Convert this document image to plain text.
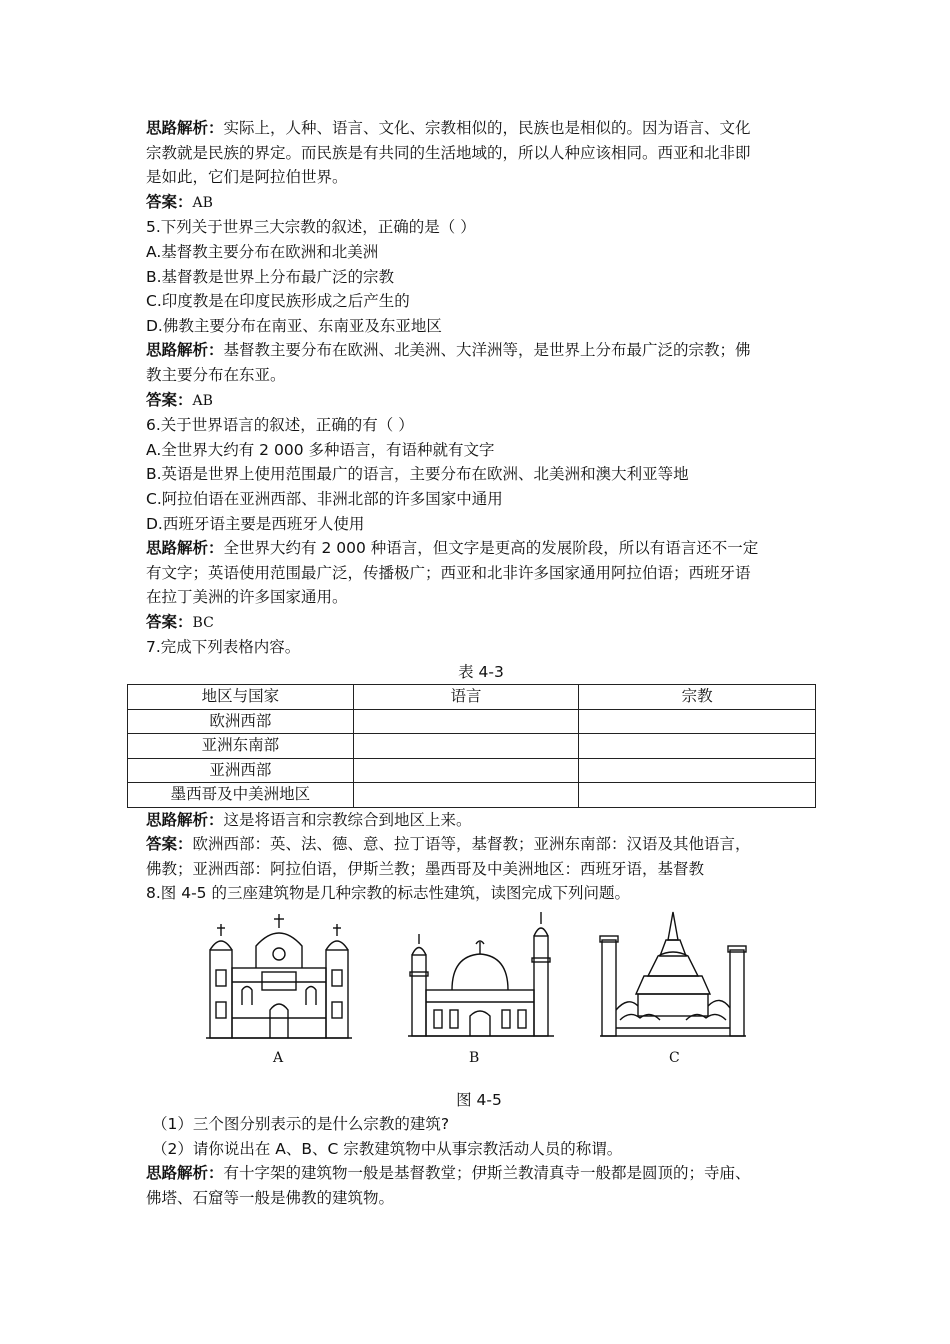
思路解析：实际上，人种、语言、文化、宗教相似的，民族也是相似的。因为语言、文化

宗教就是民族的界定。而民族是有共同的生活地域的，所以人种应该相同。西亚和北非即

是如此，它们是阿拉伯世界。

答案：AB

5.下列关于世界三大宗教的叙述，正确的是（ ）

A.基督教主要分布在欧洲和北美洲

B.基督教是世界上分布最广泛的宗教

C.印度教是在印度民族形成之后产生的

D.佛教主要分布在南亚、东南亚及东亚地区

思路解析：基督教主要分布在欧洲、北美洲、大洋洲等，是世界上分布最广泛的宗教；佛

教主要分布在东亚。

答案：AB

6.关于世界语言的叙述，正确的有（ ）

A.全世界大约有 2 000 多种语言，有语种就有文字

B.英语是世界上使用范围最广的语言，主要分布在欧洲、北美洲和澳大利亚等地

C.阿拉伯语在亚洲西部、非洲北部的许多国家中通用

D.西班牙语主要是西班牙人使用

思路解析：全世界大约有 2 000 种语言，但文字是更高的发展阶段，所以有语言还不一定

有文字；英语使用范围最广泛，传播极广；西亚和北非许多国家通用阿拉伯语；西班牙语

在拉丁美洲的许多国家通用。

答案：BC

7.完成下列表格内容。

表 4-3

地区与国家	语言	宗教
欧洲西部		
亚洲东南部		
亚洲西部		
墨西哥及中美洲地区		

思路解析：这是将语言和宗教综合到地区上来。

答案：欧洲西部：英、法、德、意、拉丁语等，基督教；亚洲东南部：汉语及其他语言，

佛教；亚洲西部：阿拉伯语，伊斯兰教；墨西哥及中美洲地区：西班牙语，基督教

8.图 4-5 的三座建筑物是几种宗教的标志性建筑，读图完成下列问题。

A	B	C

图 4-5

（1）三个图分别表示的是什么宗教的建筑?

（2）请你说出在 A、B、C 宗教建筑物中从事宗教活动人员的称谓。

思路解析：有十字架的建筑物一般是基督教堂；伊斯兰教清真寺一般都是圆顶的；寺庙、

佛塔、石窟等一般是佛教的建筑物。
